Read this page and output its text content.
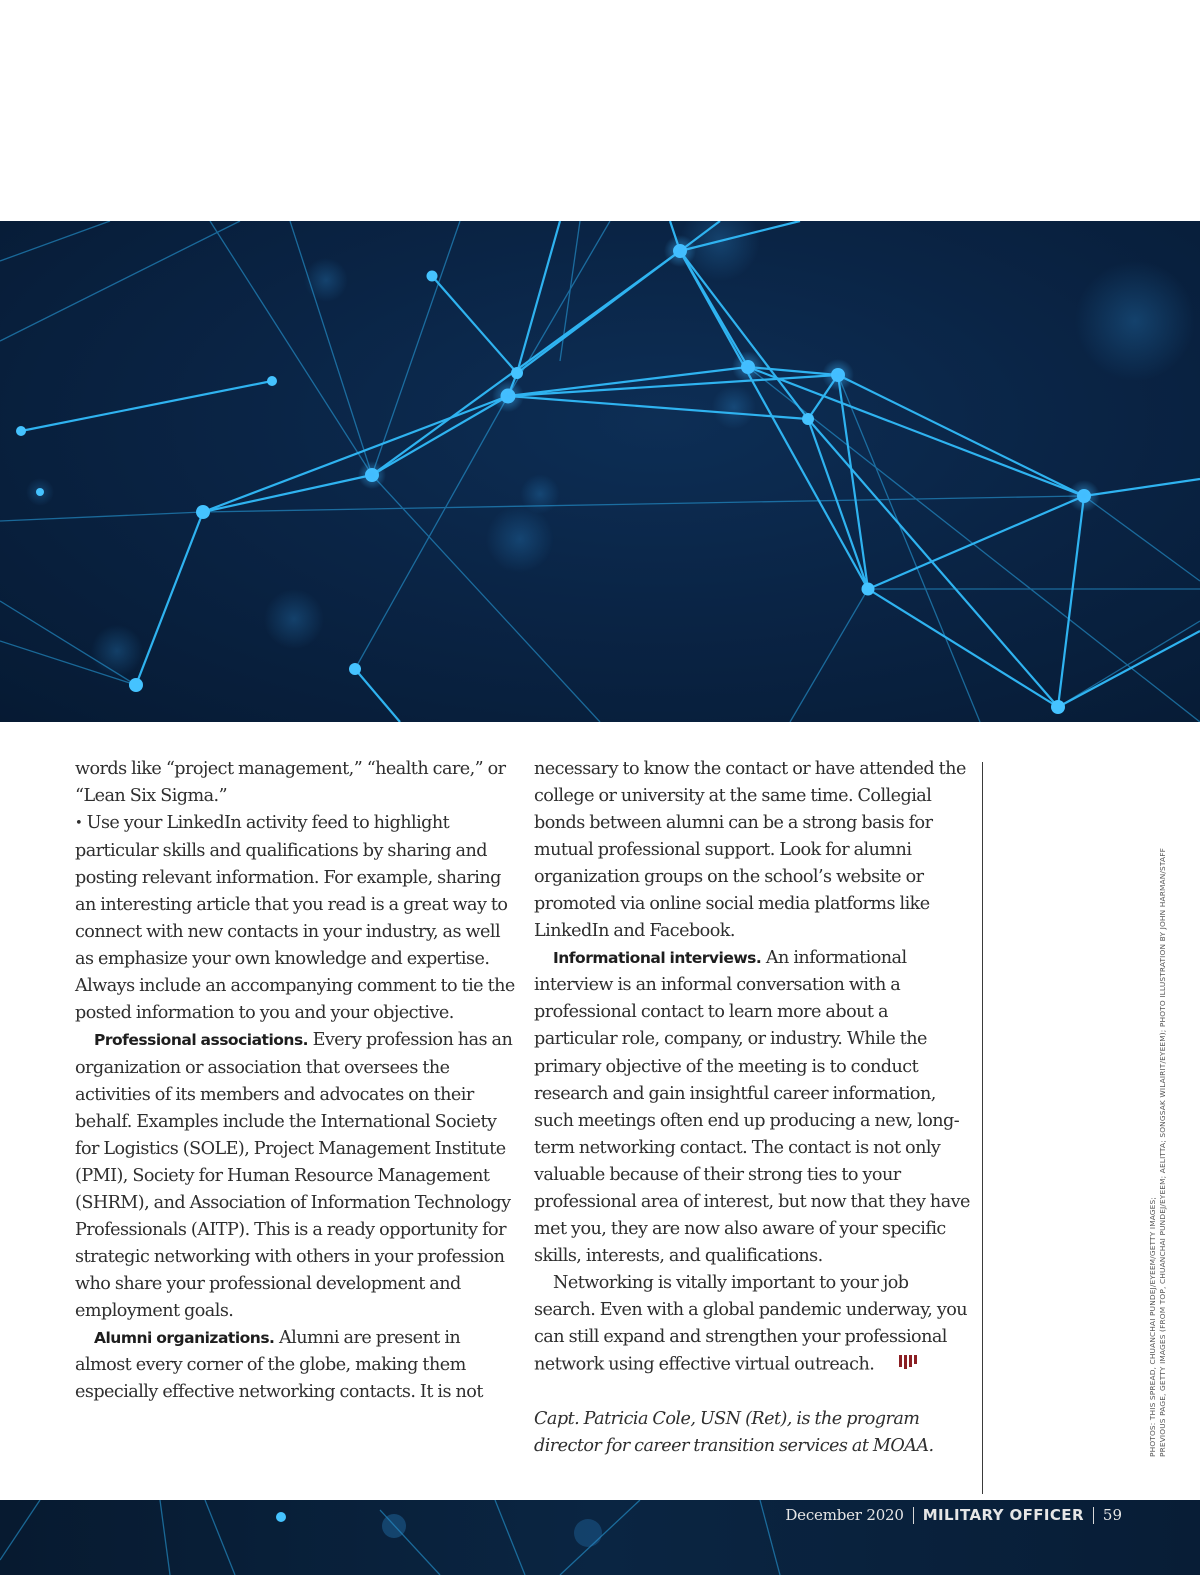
words like “project management,” “health care,” or “Lean Six Sigma.”

• Use your LinkedIn activity feed to highlight particular skills and qualifications by sharing and posting relevant information. For example, sharing an interesting article that you read is a great way to connect with new contacts in your industry, as well as emphasize your own knowledge and expertise. Always include an accompanying comment to tie the posted information to you and your objective.

Professional associations. Every profession has an organization or association that oversees the activities of its members and advocates on their behalf. Examples include the International Society for Logistics (SOLE), Project Management Institute (PMI), Society for Human Resource Management (SHRM), and Association of Information Technology Professionals (AITP). This is a ready opportunity for strategic networking with others in your profession who share your professional development and employment goals.

Alumni organizations. Alumni are present in almost every corner of the globe, making them especially effective networking contacts. It is not

necessary to know the contact or have attended the college or university at the same time. Collegial bonds between alumni can be a strong basis for mutual professional support. Look for alumni organization groups on the school’s website or promoted via online social media platforms like LinkedIn and Facebook.

Informational interviews. An informational interview is an informal conversation with a professional contact to learn more about a particular role, company, or industry. While the primary objective of the meeting is to conduct research and gain insightful career information, such meetings often end up producing a new, long-term networking contact. The contact is not only valuable because of their strong ties to your professional area of interest, but now that they have met you, they are now also aware of your specific skills, interests, and qualifications.

Networking is vitally important to your job search. Even with a global pandemic underway, you can still expand and strengthen your professional network using effective virtual outreach.

Capt. Patricia Cole, USN (Ret), is the program director for career transition services at MOAA.	PHOTOS: THIS SPREAD, CHUANCHAI PUNDEJ/EYEEM/GETTY IMAGES; PREVIOUS PAGE, GETTY IMAGES (FROM TOP, CHUANCHAI PUNDEJ/EYEEM; AELITTA; SONGSAK WILAIRIT/EYEEM); PHOTO ILLUSTRATION BY JOHN HARMAN/STAFF

December 2020 MILITARY OFFICER 59
